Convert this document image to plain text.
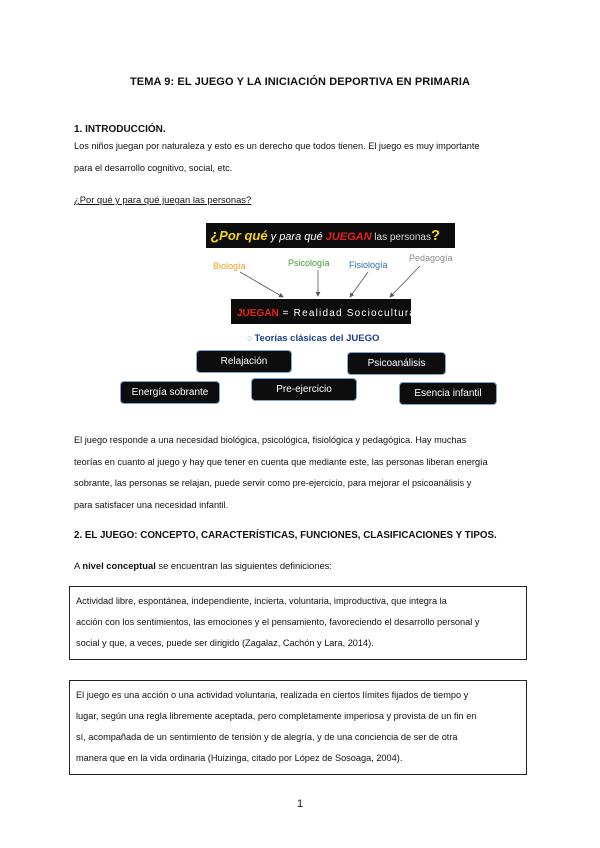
TEMA 9: EL JUEGO Y LA INICIACIÓN DEPORTIVA EN PRIMARIA
1. INTRODUCCIÓN.
Los niños juegan por naturaleza y esto es un derecho que todos tienen. El juego es muy importante
para el desarrollo cognitivo, social, etc.
¿Por qué y para qué juegan las personas?
¿Por qué y para qué JUEGAN las personas?
Biología	Psicología Fisiología
Pedagogía
JUEGAN = Realidad Sociocultural
○ Teorías clásicas del JUEGO
Relajación	Psicoanálisis
Energía sobrante	Pre-ejercicio	Esencia infantil
El juego responde a una necesidad biológica, psicológica, fisiológica y pedagógica. Hay muchas
teorías en cuanto al juego y hay que tener en cuenta que mediante este, las personas liberan energía
sobrante, las personas se relajan, puede servir como pre-ejercicio, para mejorar el psicoanálisis y
para satisfacer una necesidad infantil.
2. EL JUEGO: CONCEPTO, CARACTERÍSTICAS, FUNCIONES, CLASIFICACIONES Y TIPOS.
A nivel conceptual se encuentran las siguientes definiciones:
Actividad libre, espontánea, independiente, incierta, voluntaria, improductiva, que integra la
acción con los sentimientos, las emociones y el pensamiento, favoreciendo el desarrollo personal y
social y que, a veces, puede ser dirigido (Zagalaz, Cachón y Lara, 2014).
El juego es una acción o una actividad voluntaria, realizada en ciertos límites fijados de tiempo y
lugar, según una regla libremente aceptada, pero completamente imperiosa y provista de un fin en
sí, acompañada de un sentimiento de tensión y de alegría, y de una conciencia de ser de otra
manera que en la vida ordinaria (Huizinga, citado por López de Sosoaga, 2004).
1
